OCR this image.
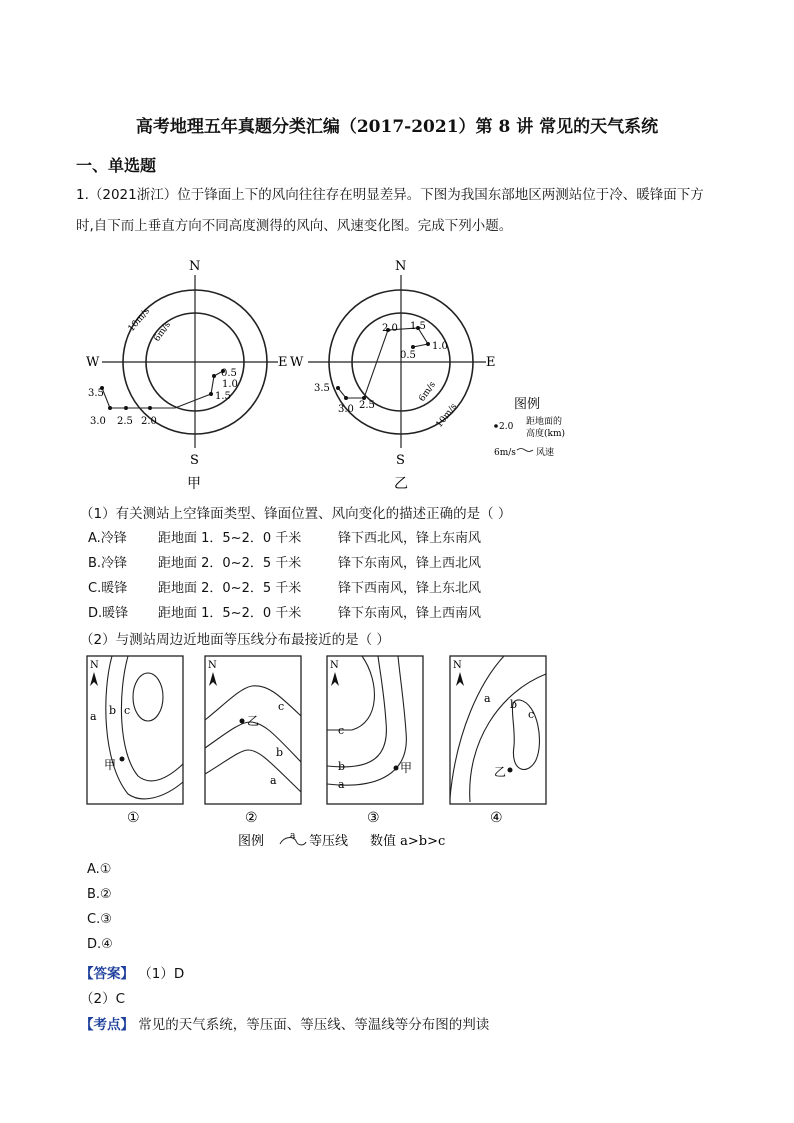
高考地理五年真题分类汇编（2017-2021）第 8 讲 常见的天气系统
一、单选题

1.（2021浙江）位于锋面上下的风向往往存在明显差异。下图为我国东部地区两测站位于冷、暖锋面下方

时,自下而上垂直方向不同高度测得的风向、风速变化图。完成下列小题。

N
S
W	E
10m/s 6m/s
0.5
1.0
1.5
2.0
2.5
3.0
3.5
甲
N
S
W	E
6m/s
10m/s
0.5
1.0
1.5
2.0
2.5
3.0
3.5
乙
图例
2.0 距地面的
高度(km)
6m/s 风速
（1）有关测站上空锋面类型、锋面位置、风向变化的描述正确的是（ ）
A.冷锋 距地面 1．5~2．0 千米	锋下西北风，锋上东南风
B.冷锋 距地面 2．0~2．5 千米	锋下东南风，锋上西北风
C.暖锋 距地面 2．0~2．5 千米	锋下西南风，锋上东北风
D.暖锋 距地面 1．5~2．0 千米	锋下东南风，锋上西南风
（2）与测站周边近地面等压线分布最接近的是（ ）
N
a b c
甲
①
N
c
b
a
乙
②
N
c
b
a
甲
③
N
a b
c
乙
④
图例	a 等压线 数值 a>b>c
A.①
B.②
C.③
D.④
【答案】 （1）D
（2）C
【考点】 常见的天气系统，等压面、等压线、等温线等分布图的判读
